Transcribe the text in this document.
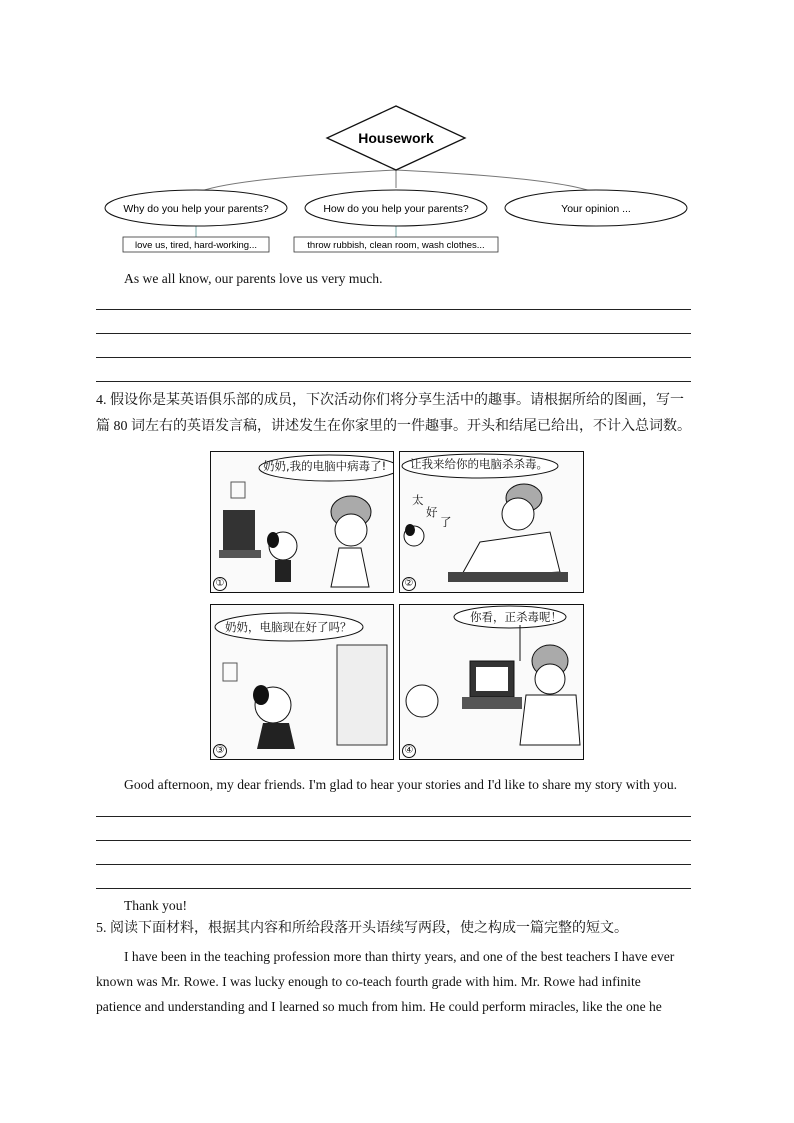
Housework
Why do you help your parents?	How do you help your parents?	Your opinion ...
love us, tired, hard-working...	throw rubbish, clean room, wash clothes...
As we all know, our parents love us very much.
4. 假设你是某英语俱乐部的成员，下次活动你们将分享生活中的趣事。请根据所给的图画，写一
篇 80 词左右的英语发言稿，讲述发生在你家里的一件趣事。开头和结尾已给出，不计入总词数。
奶奶,我的电脑中病毒了!
①
让我来给你的电脑杀杀毒。
太
好
了
②
奶奶，电脑现在好了吗？
③
你看，正杀毒呢！
④
Good afternoon, my dear friends. I'm glad to hear your stories and I'd like to share my story with you.
Thank you!
5. 阅读下面材料，根据其内容和所给段落开头语续写两段，使之构成一篇完整的短文。
I have been in the teaching profession more than thirty years, and one of the best teachers I have ever
known was Mr. Rowe. I was lucky enough to co-teach fourth grade with him. Mr. Rowe had infinite
patience and understanding and I learned so much from him. He could perform miracles, like the one he
